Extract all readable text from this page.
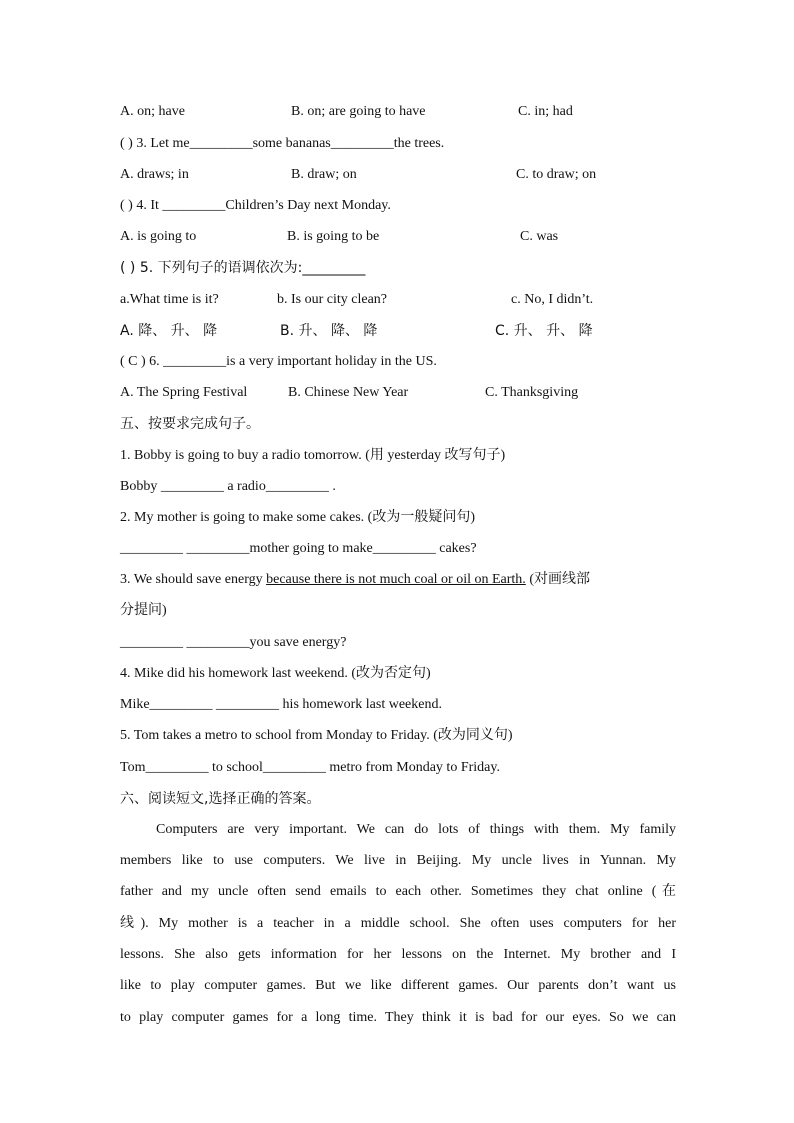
A. on; have	B. on; are going to have	C. in; had
( ) 3. Let me_________some bananas_________the trees.
A. draws; in	B. draw; on	C. to draw; on
( ) 4. It _________Children’s Day next Monday.
A. is going to	B. is going to be	C. was
( ) 5. 下列句子的语调依次为:_________
a.What time is it?	b. Is our city clean?	c. No, I didn’t.
A. 降、 升、 降	B. 升、 降、 降	C. 升、 升、 降
( C ) 6. _________is a very important holiday in the US.
A. The Spring Festival	B. Chinese New Year	C. Thanksgiving
五、按要求完成句子。
1. Bobby is going to buy a radio tomorrow. (用 yesterday 改写句子)
Bobby _________ a radio_________ .
2. My mother is going to make some cakes. (改为一般疑问句)
_________ _________mother going to make_________ cakes?
3. We should save energy because there is not much coal or oil on Earth. (对画线部
分提问)
_________ _________you save energy?
4. Mike did his homework last weekend. (改为否定句)
Mike_________ _________ his homework last weekend.
5. Tom takes a metro to school from Monday to Friday. (改为同义句)
Tom_________ to school_________ metro from Monday to Friday.
六、阅读短文,选择正确的答案。
Computers are very important. We can do lots of things with them. My family
members like to use computers. We live in Beijing. My uncle lives in Yunnan. My
father and my uncle often send emails to each other. Sometimes they chat online (在
线). My mother is a teacher in a middle school. She often uses computers for her
lessons. She also gets information for her lessons on the Internet. My brother and I
like to play computer games. But we like different games. Our parents don’t want us
to play computer games for a long time. They think it is bad for our eyes. So we can
